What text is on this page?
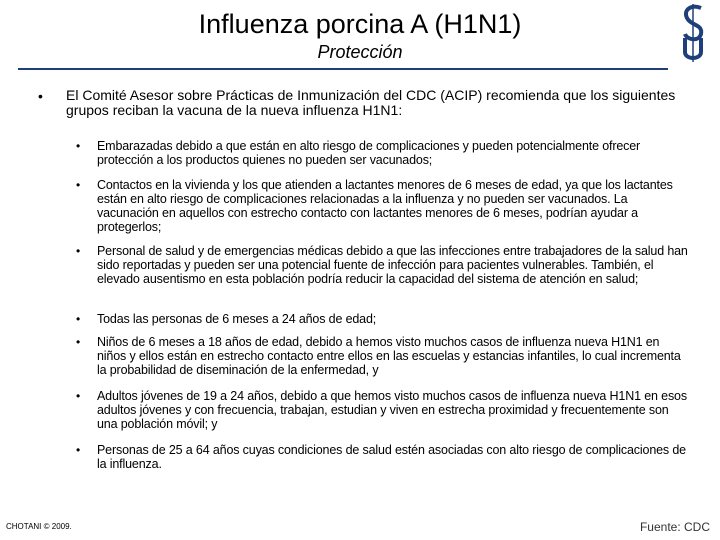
Influenza porcina A (H1N1)
Protección
• El Comité Asesor sobre Prácticas de Inmunización del CDC (ACIP) recomienda que los siguientes grupos reciban la vacuna de la nueva influenza H1N1:
• Embarazadas debido a que están en alto riesgo de complicaciones y pueden potencialmente ofrecer protección a los productos quienes no pueden ser vacunados;
• Contactos en la vivienda y los que atienden a lactantes menores de 6 meses de edad, ya que los lactantes están en alto riesgo de complicaciones relacionadas a la influenza y no pueden ser vacunados. La vacunación en aquellos con estrecho contacto con lactantes menores de 6 meses, podrían ayudar a protegerlos;
• Personal de salud y de emergencias médicas debido a que las infecciones entre trabajadores de la salud han sido reportadas y pueden ser una potencial fuente de infección para pacientes vulnerables. También, el elevado ausentismo en esta población podría reducir la capacidad del sistema de atención en salud;
• Todas las personas de 6 meses a 24 años de edad;
• Niños de 6 meses a 18 años de edad, debido a hemos visto muchos casos de influenza nueva H1N1 en niños y ellos están en estrecho contacto entre ellos en las escuelas y estancias infantiles, lo cual incrementa la probabilidad de diseminación de la enfermedad, y
• Adultos jóvenes de 19 a 24 años, debido a que hemos visto muchos casos de influenza nueva H1N1 en esos adultos jóvenes y con frecuencia, trabajan, estudian y viven en estrecha proximidad y frecuentemente son una población móvil; y
• Personas de 25 a 64 años cuyas condiciones de salud estén asociadas con alto riesgo de complicaciones de la influenza.
CHOTANI © 2009.	Fuente: CDC
